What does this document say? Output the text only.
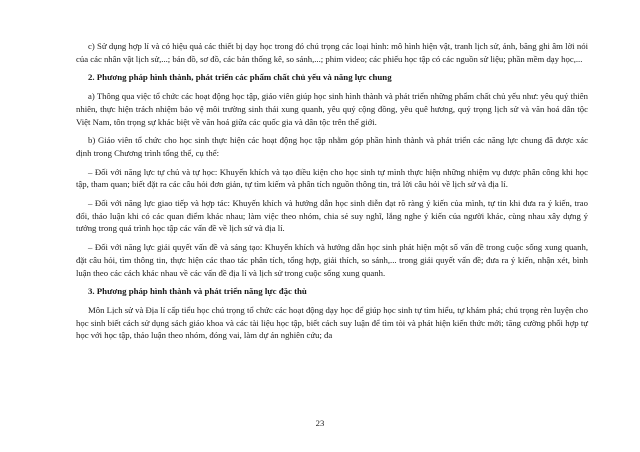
c) Sử dụng hợp lí và có hiệu quả các thiết bị dạy học trong đó chú trọng các loại hình: mô hình hiện vật, tranh lịch sử, ảnh, băng ghi âm lời nói của các nhân vật lịch sử,...; bản đồ, sơ đồ, các bản thống kê, so sánh,...; phim video; các phiếu học tập có các nguồn sử liệu; phần mềm dạy học,...

2. Phương pháp hình thành, phát triển các phẩm chất chủ yếu và năng lực chung

a) Thông qua việc tổ chức các hoạt động học tập, giáo viên giúp học sinh hình thành và phát triển những phẩm chất chủ yếu như: yêu quý thiên nhiên, thực hiện trách nhiệm bảo vệ môi trường sinh thái xung quanh, yêu quý cộng đồng, yêu quê hương, quý trọng lịch sử và văn hoá dân tộc Việt Nam, tôn trọng sự khác biệt về văn hoá giữa các quốc gia và dân tộc trên thế giới.

b) Giáo viên tổ chức cho học sinh thực hiện các hoạt động học tập nhằm góp phần hình thành và phát triển các năng lực chung đã được xác định trong Chương trình tổng thể, cụ thể:

– Đối với năng lực tự chủ và tự học: Khuyến khích và tạo điều kiện cho học sinh tự mình thực hiện những nhiệm vụ được phân công khi học tập, tham quan; biết đặt ra các câu hỏi đơn giản, tự tìm kiếm và phân tích nguồn thông tin, trả lời câu hỏi về lịch sử và địa lí.

– Đối với năng lực giao tiếp và hợp tác: Khuyến khích và hướng dẫn học sinh diễn đạt rõ ràng ý kiến của mình, tự tin khi đưa ra ý kiến, trao đổi, thảo luận khi có các quan điểm khác nhau; làm việc theo nhóm, chia sẻ suy nghĩ, lắng nghe ý kiến của người khác, cùng nhau xây dựng ý tưởng trong quá trình học tập các vấn đề về lịch sử và địa lí.

– Đối với năng lực giải quyết vấn đề và sáng tạo: Khuyến khích và hướng dẫn học sinh phát hiện một số vấn đề trong cuộc sống xung quanh, đặt câu hỏi, tìm thông tin, thực hiện các thao tác phân tích, tổng hợp, giải thích, so sánh,... trong giải quyết vấn đề; đưa ra ý kiến, nhận xét, bình luận theo các cách khác nhau về các vấn đề địa lí và lịch sử trong cuộc sống xung quanh.

3. Phương pháp hình thành và phát triển năng lực đặc thù

Môn Lịch sử và Địa lí cấp tiểu học chú trọng tổ chức các hoạt động dạy học để giúp học sinh tự tìm hiểu, tự khám phá; chú trọng rèn luyện cho học sinh biết cách sử dụng sách giáo khoa và các tài liệu học tập, biết cách suy luận để tìm tòi và phát hiện kiến thức mới; tăng cường phối hợp tự học với học tập, thảo luận theo nhóm, đóng vai, làm dự án nghiên cứu; đa

23
